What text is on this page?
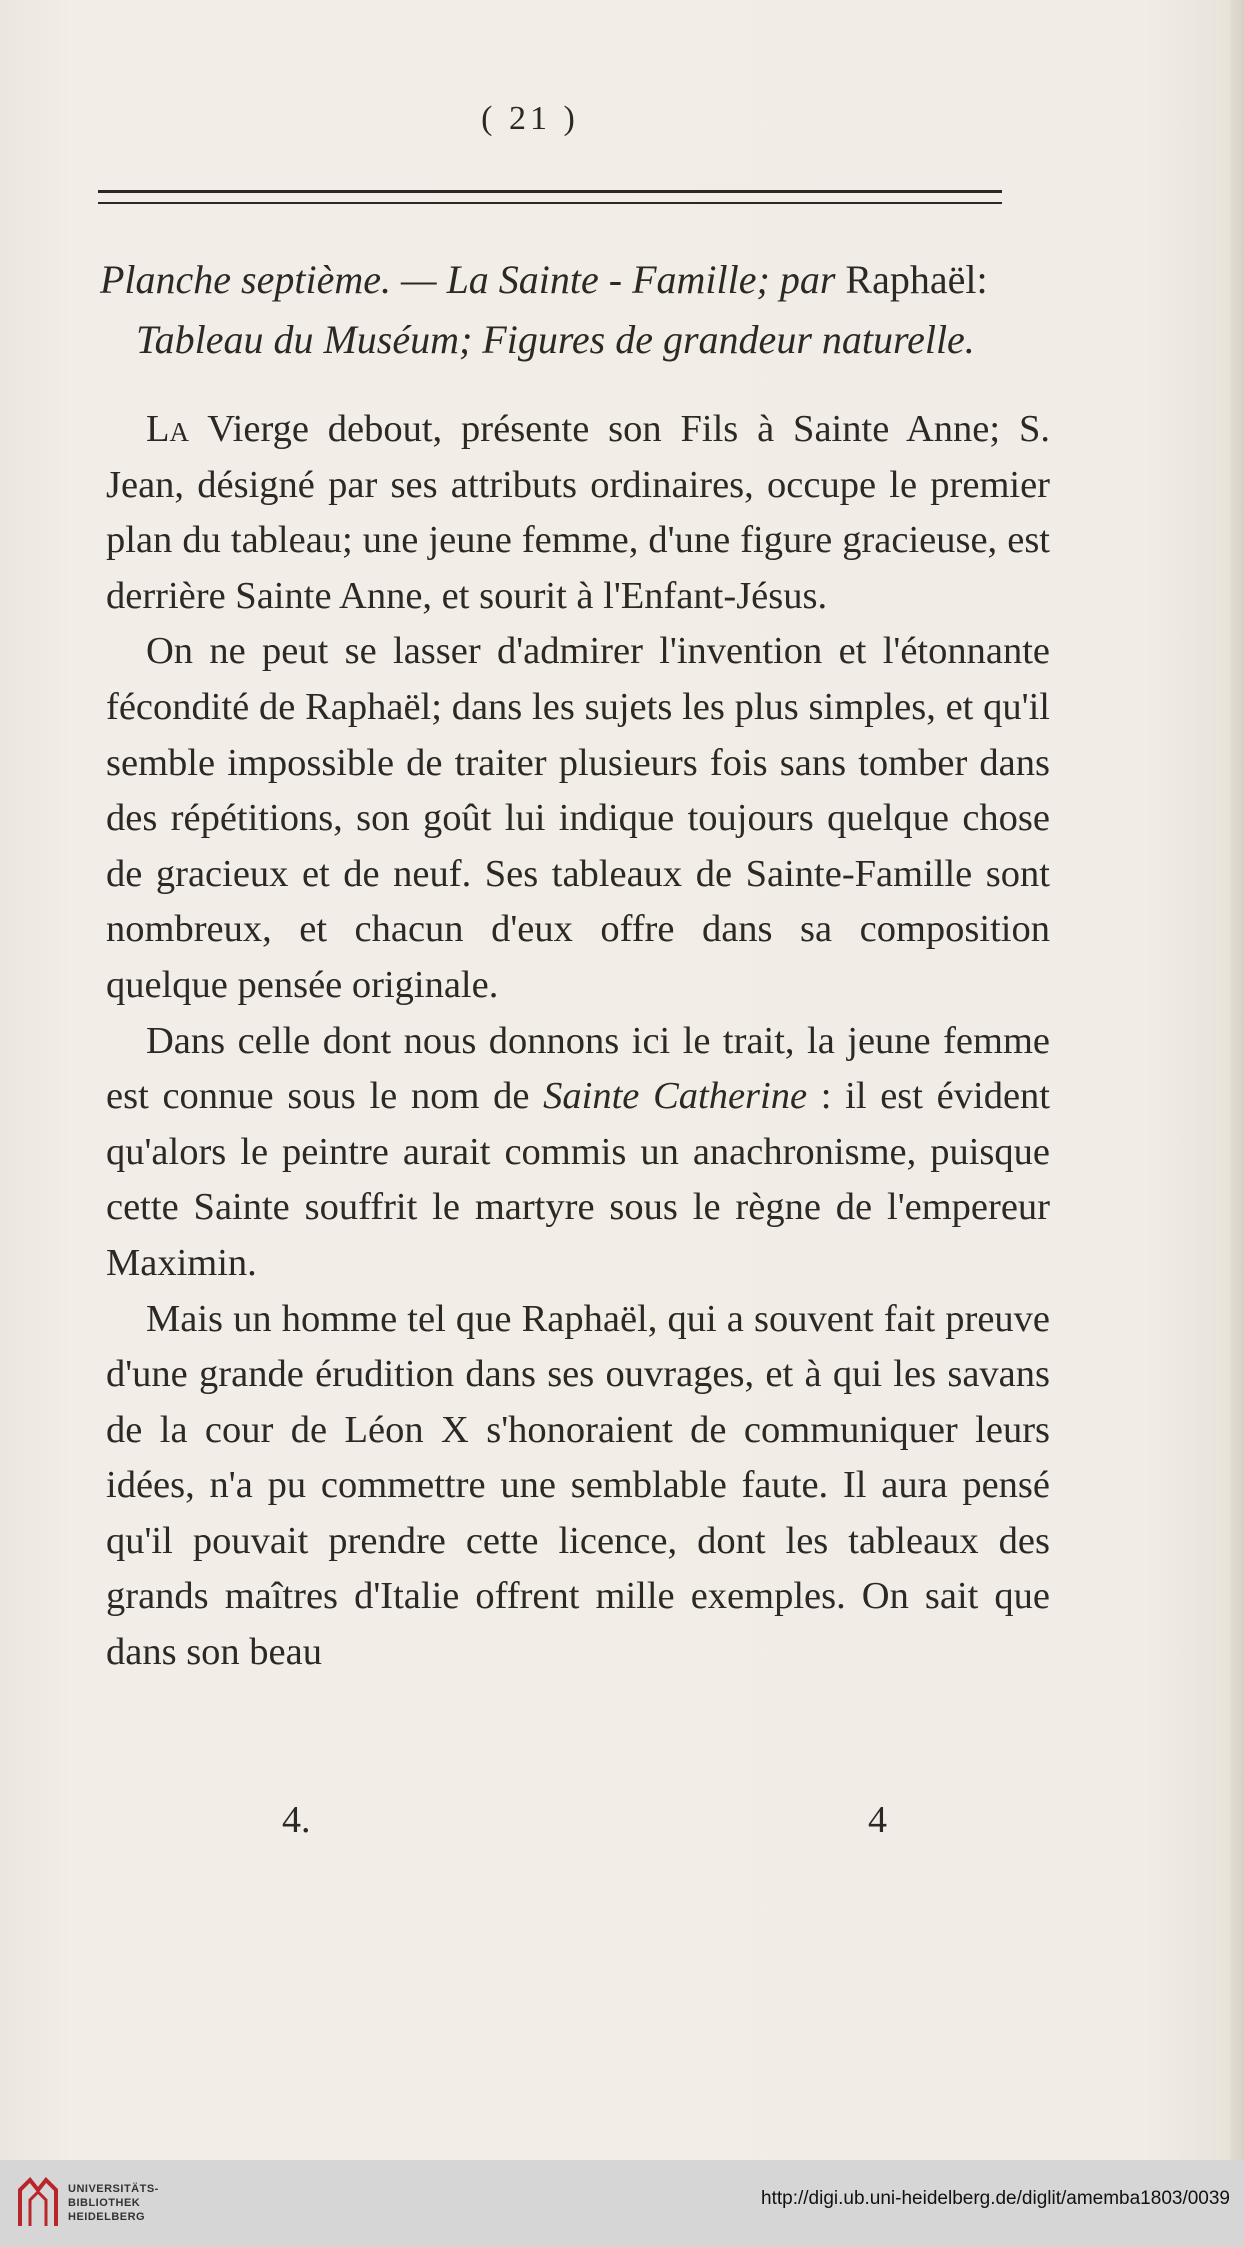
( 21 )
Planche septième. — La Sainte - Famille; par Raphaël:
Tableau du Muséum; Figures de grandeur naturelle.

La Vierge debout, présente son Fils à Sainte Anne; S. Jean, désigné par ses attributs ordinaires, occupe le premier plan du tableau; une jeune femme, d'une figure gracieuse, est derrière Sainte Anne, et sourit à l'Enfant-Jésus.

On ne peut se lasser d'admirer l'invention et l'étonnante fécondité de Raphaël; dans les sujets les plus simples, et qu'il semble impossible de traiter plusieurs fois sans tomber dans des répétitions, son goût lui indique toujours quelque chose de gracieux et de neuf. Ses tableaux de Sainte-Famille sont nombreux, et chacun d'eux offre dans sa composition quelque pensée originale.

Dans celle dont nous donnons ici le trait, la jeune femme est connue sous le nom de Sainte Catherine : il est évident qu'alors le peintre aurait commis un anachronisme, puisque cette Sainte souffrit le martyre sous le règne de l'empereur Maximin.

Mais un homme tel que Raphaël, qui a souvent fait preuve d'une grande érudition dans ses ouvrages, et à qui les savans de la cour de Léon X s'honoraient de communiquer leurs idées, n'a pu commettre une semblable faute. Il aura pensé qu'il pouvait prendre cette licence, dont les tableaux des grands maîtres d'Italie offrent mille exemples. On sait que dans son beau

4.	4
UNIVERSITÄTS-
BIBLIOTHEK
HEIDELBERG
http://digi.ub.uni-heidelberg.de/diglit/amemba1803/0039
